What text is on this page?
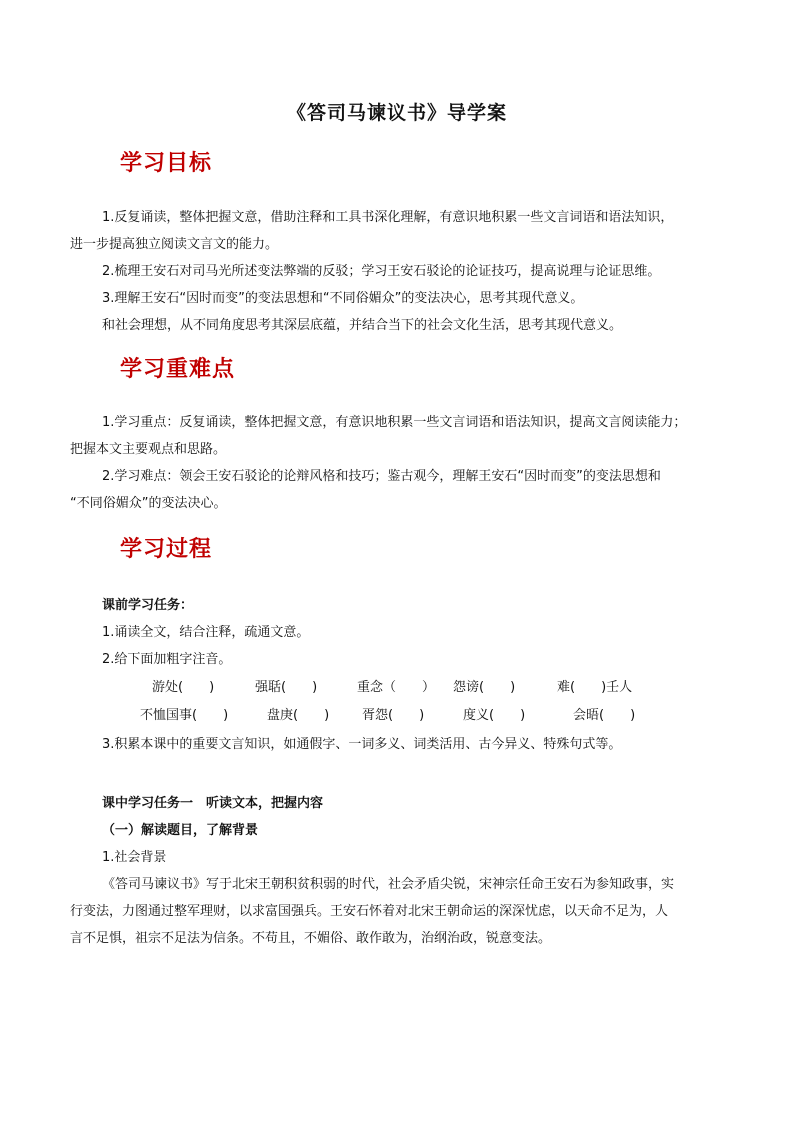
《答司马谏议书》导学案
学习目标
1.反复诵读，整体把握文意，借助注释和工具书深化理解，有意识地积累一些文言词语和语法知识，
进一步提高独立阅读文言文的能力。
2.梳理王安石对司马光所述变法弊端的反驳；学习王安石驳论的论证技巧，提高说理与论证思维。
3.理解王安石“因时而变”的变法思想和“不同俗媚众”的变法决心，思考其现代意义。
和社会理想，从不同角度思考其深层底蕴，并结合当下的社会文化生活，思考其现代意义。
学习重难点
1.学习重点：反复诵读，整体把握文意，有意识地积累一些文言词语和语法知识，提高文言阅读能力；
把握本文主要观点和思路。
2.学习难点：领会王安石驳论的论辩风格和技巧；鉴古观今，理解王安石“因时而变”的变法思想和
“不同俗媚众”的变法决心。
学习过程
课前学习任务：
1.诵读全文，结合注释，疏通文意。
2.给下面加粗字注音。
游处(　　)	强聒(　　)	重念（　　） 怨谤(　　)	难(　　)壬人
不恤国事(　　)	盘庚(　　)	胥怨(　　)	度义(　　)	会晤(　　)
3.积累本课中的重要文言知识，如通假字、一词多义、词类活用、古今异义、特殊句式等。
课中学习任务一　听读文本，把握内容
（一）解读题目，了解背景
1.社会背景
《答司马谏议书》写于北宋王朝积贫积弱的时代，社会矛盾尖锐，宋神宗任命王安石为参知政事，实
行变法，力图通过整军理财，以求富国强兵。王安石怀着对北宋王朝命运的深深忧虑，以天命不足为，人
言不足惧，祖宗不足法为信条。不苟且，不媚俗、敢作敢为，治纲治政，锐意变法。
